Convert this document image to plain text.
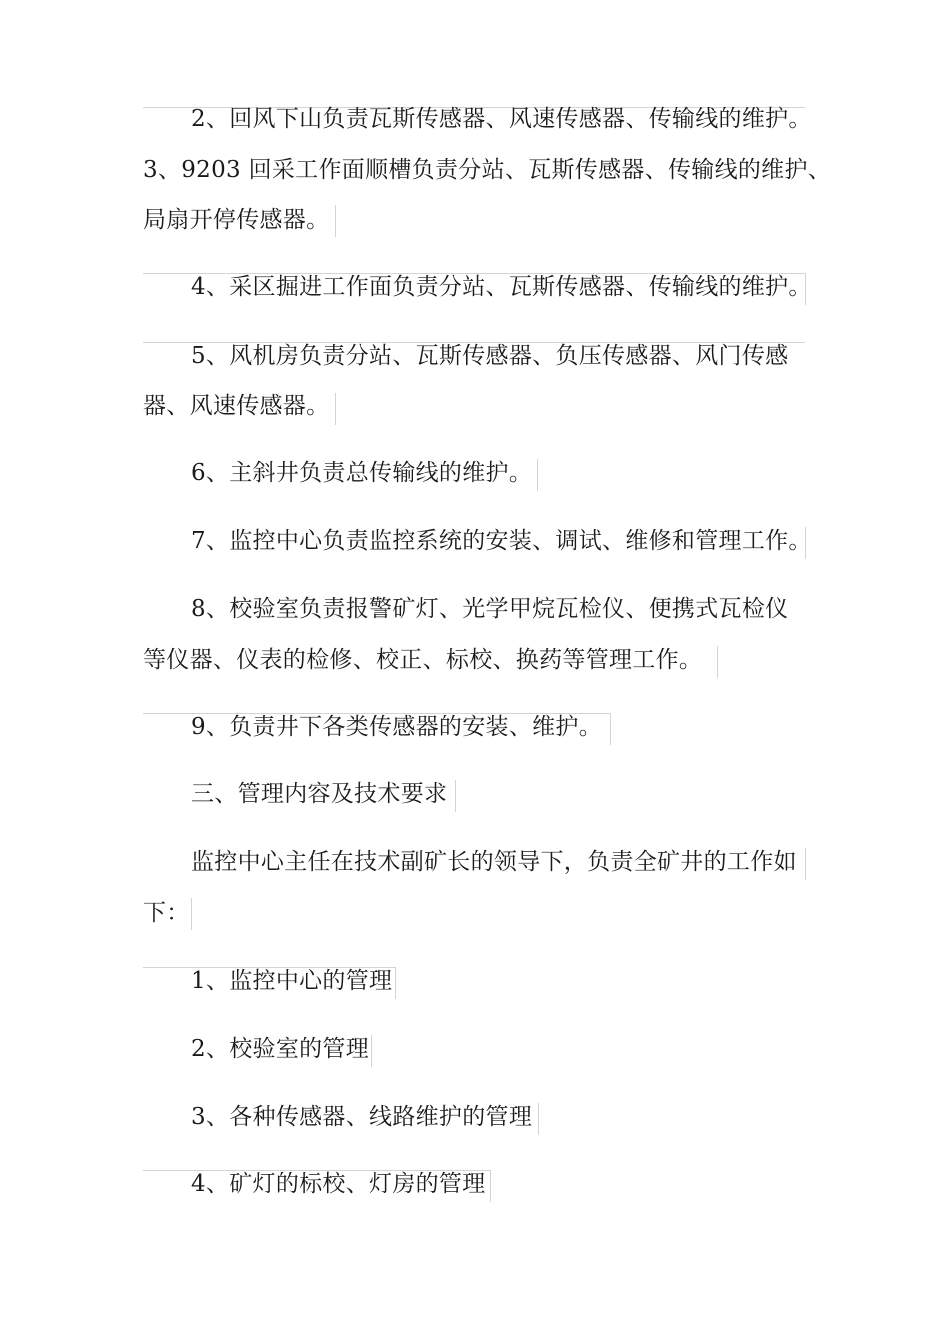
2、回风下山负责瓦斯传感器、风速传感器、传输线的维护。
3、9203 回采工作面顺槽负责分站、瓦斯传感器、传输线的维护、
局扇开停传感器。
4、采区掘进工作面负责分站、瓦斯传感器、传输线的维护。
5、风机房负责分站、瓦斯传感器、负压传感器、风门传感
器、风速传感器。
6、主斜井负责总传输线的维护。
7、监控中心负责监控系统的安装、调试、维修和管理工作。
8、校验室负责报警矿灯、光学甲烷瓦检仪、便携式瓦检仪
等仪器、仪表的检修、校正、标校、换药等管理工作。
9、负责井下各类传感器的安装、维护。
三、管理内容及技术要求
监控中心主任在技术副矿长的领导下，负责全矿井的工作如
下：
1、监控中心的管理
2、校验室的管理
3、各种传感器、线路维护的管理
4、矿灯的标校、灯房的管理
